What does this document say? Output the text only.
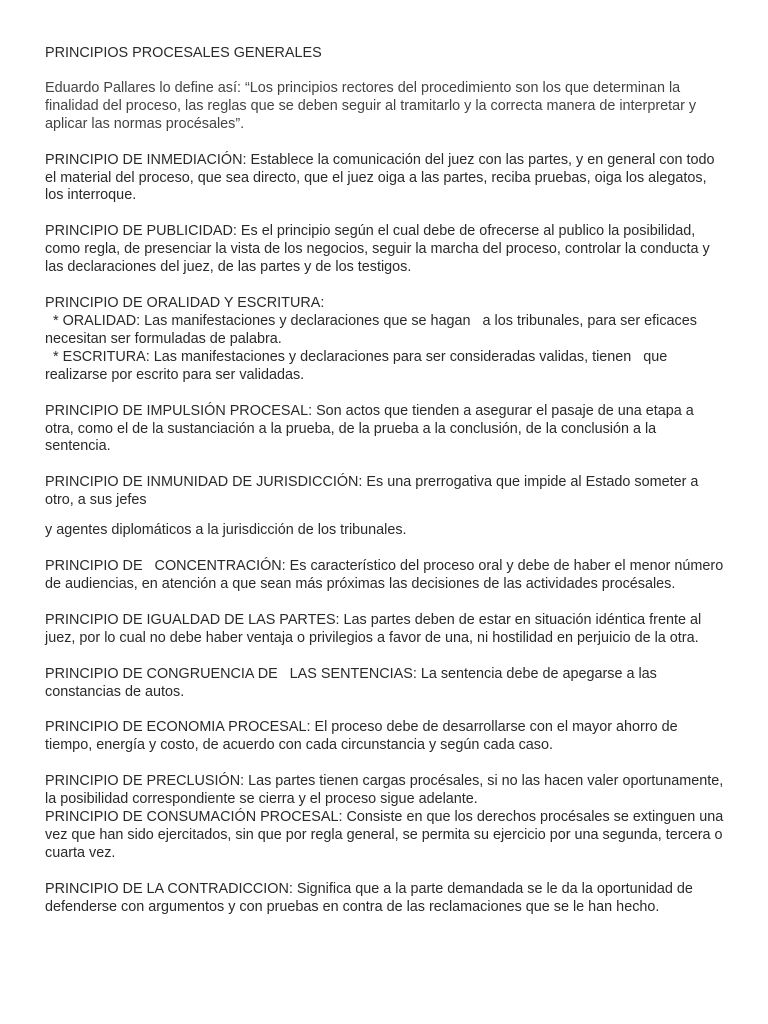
PRINCIPIOS PROCESALES GENERALES

Eduardo Pallares lo define así: “Los principios rectores del procedimiento son los que determinan la finalidad del proceso, las reglas que se deben seguir al tramitarlo y la correcta manera de interpretar y aplicar las normas procésales”.

PRINCIPIO DE INMEDIACIÓN: Establece la comunicación del juez con las partes, y en general con todo el material del proceso, que sea directo, que el juez oiga a las partes, reciba pruebas, oiga los alegatos, los interroque.

PRINCIPIO DE PUBLICIDAD: Es el principio según el cual debe de ofrecerse al publico la posibilidad, como regla, de presenciar la vista de los negocios, seguir la marcha del proceso, controlar la conducta y las declaraciones del juez, de las partes y de los testigos.

PRINCIPIO DE ORALIDAD Y ESCRITURA:

* ORALIDAD: Las manifestaciones y declaraciones que se hagan   a los tribunales, para ser eficaces necesitan ser formuladas de palabra.

* ESCRITURA: Las manifestaciones y declaraciones para ser consideradas validas, tienen   que realizarse por escrito para ser validadas.

PRINCIPIO DE IMPULSIÓN PROCESAL: Son actos que tienden a asegurar el pasaje de una etapa a otra, como el de la sustanciación a la prueba, de la prueba a la conclusión, de la conclusión a la sentencia.

PRINCIPIO DE INMUNIDAD DE JURISDICCIÓN: Es una prerrogativa que impide al Estado someter a otro, a sus jefes

y agentes diplomáticos a la jurisdicción de los tribunales.

PRINCIPIO DE   CONCENTRACIÓN: Es característico del proceso oral y debe de haber el menor número de audiencias, en atención a que sean más próximas las decisiones de las actividades procésales.

PRINCIPIO DE IGUALDAD DE LAS PARTES: Las partes deben de estar en situación idéntica frente al juez, por lo cual no debe haber ventaja o privilegios a favor de una, ni hostilidad en perjuicio de la otra.

PRINCIPIO DE CONGRUENCIA DE   LAS SENTENCIAS: La sentencia debe de apegarse a las constancias de autos.

PRINCIPIO DE ECONOMIA PROCESAL: El proceso debe de desarrollarse con el mayor ahorro de tiempo, energía y costo, de acuerdo con cada circunstancia y según cada caso.

PRINCIPIO DE PRECLUSIÓN: Las partes tienen cargas procésales, si no las hacen valer oportunamente, la posibilidad correspondiente se cierra y el proceso sigue adelante.

PRINCIPIO DE CONSUMACIÓN PROCESAL: Consiste en que los derechos procésales se extinguen una vez que han sido ejercitados, sin que por regla general, se permita su ejercicio por una segunda, tercera o cuarta vez.

PRINCIPIO DE LA CONTRADICCION: Significa que a la parte demandada se le da la oportunidad de defenderse con argumentos y con pruebas en contra de las reclamaciones que se le han hecho.
